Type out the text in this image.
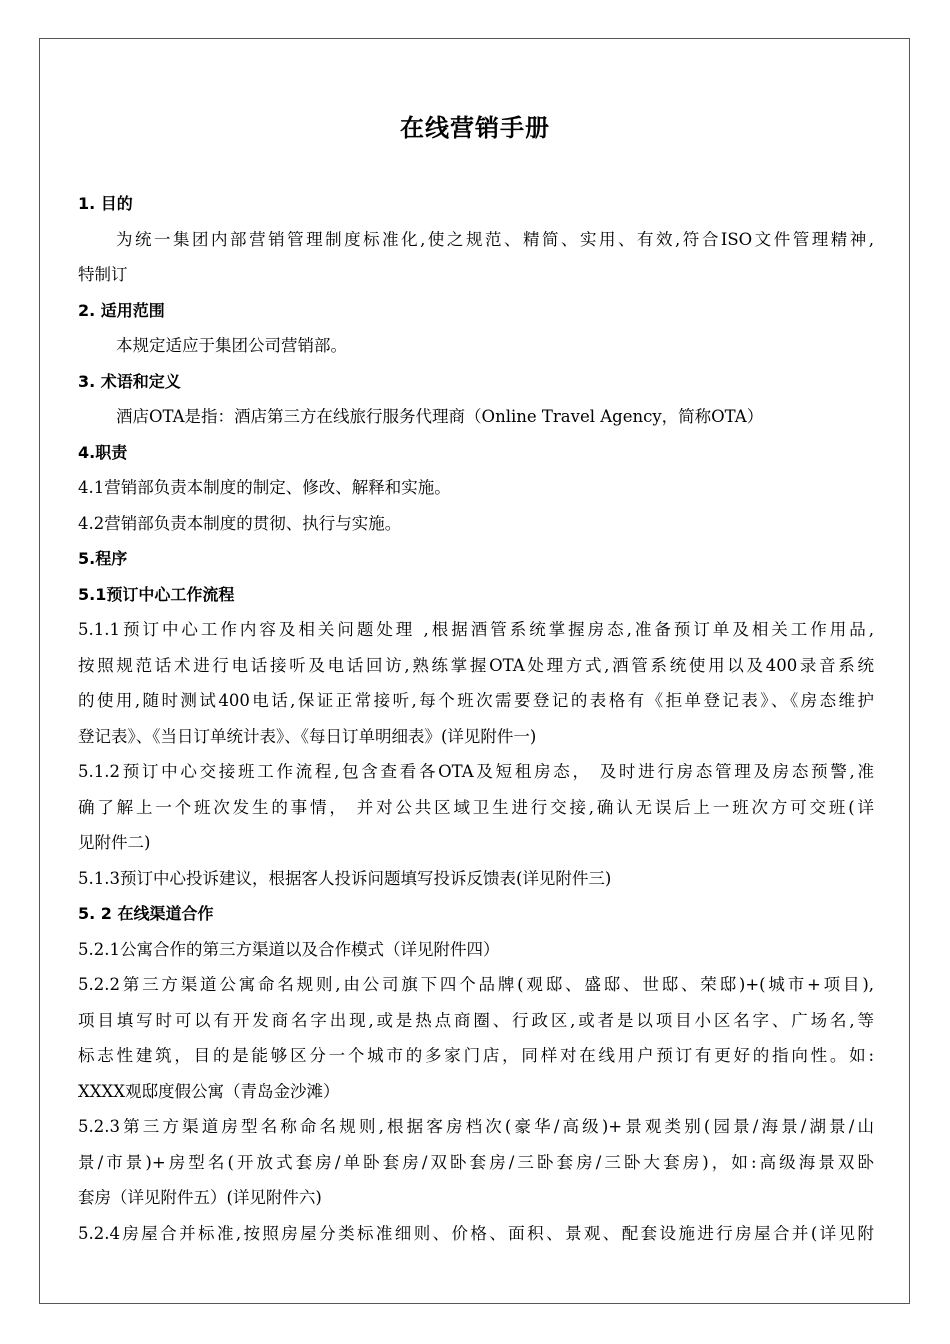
在线营销手册
1. 目的
为统一集团内部营销管理制度标准化,使之规范、精简、实用、有效,符合ISO文件管理精神,
特制订
2. 适用范围
本规定适应于集团公司营销部。
3. 术语和定义
酒店OTA是指：酒店第三方在线旅行服务代理商（Online Travel Agency，简称OTA）
4.职责
4.1营销部负责本制度的制定、修改、解释和实施。
4.2营销部负责本制度的贯彻、执行与实施。
5.程序
5.1预订中心工作流程
5.1.1预订中心工作内容及相关问题处理 ,根据酒管系统掌握房态,准备预订单及相关工作用品,
按照规范话术进行电话接听及电话回访,熟练掌握OTA处理方式,酒管系统使用以及400录音系统
的使用,随时测试400电话,保证正常接听,每个班次需要登记的表格有《拒单登记表》、《房态维护
登记表》、《当日订单统计表》、《每日订单明细表》(详见附件一)
5.1.2预订中心交接班工作流程,包含查看各OTA及短租房态， 及时进行房态管理及房态预警,准
确了解上一个班次发生的事情， 并对公共区域卫生进行交接,确认无误后上一班次方可交班(详
见附件二)
5.1.3预订中心投诉建议，根据客人投诉问题填写投诉反馈表(详见附件三)
5. 2 在线渠道合作
5.2.1公寓合作的第三方渠道以及合作模式（详见附件四）
5.2.2第三方渠道公寓命名规则,由公司旗下四个品牌(观邸、盛邸、世邸、荣邸)+(城市+项目),
项目填写时可以有开发商名字出现,或是热点商圈、行政区,或者是以项目小区名字、广场名,等
标志性建筑，目的是能够区分一个城市的多家门店，同样对在线用户预订有更好的指向性。如:
XXXX观邸度假公寓（青岛金沙滩）
5.2.3第三方渠道房型名称命名规则,根据客房档次(豪华/高级)+景观类别(园景/海景/湖景/山
景/市景)+房型名(开放式套房/单卧套房/双卧套房/三卧套房/三卧大套房)，如:高级海景双卧
套房（详见附件五）(详见附件六)
5.2.4房屋合并标准,按照房屋分类标准细则、价格、面积、景观、配套设施进行房屋合并(详见附
